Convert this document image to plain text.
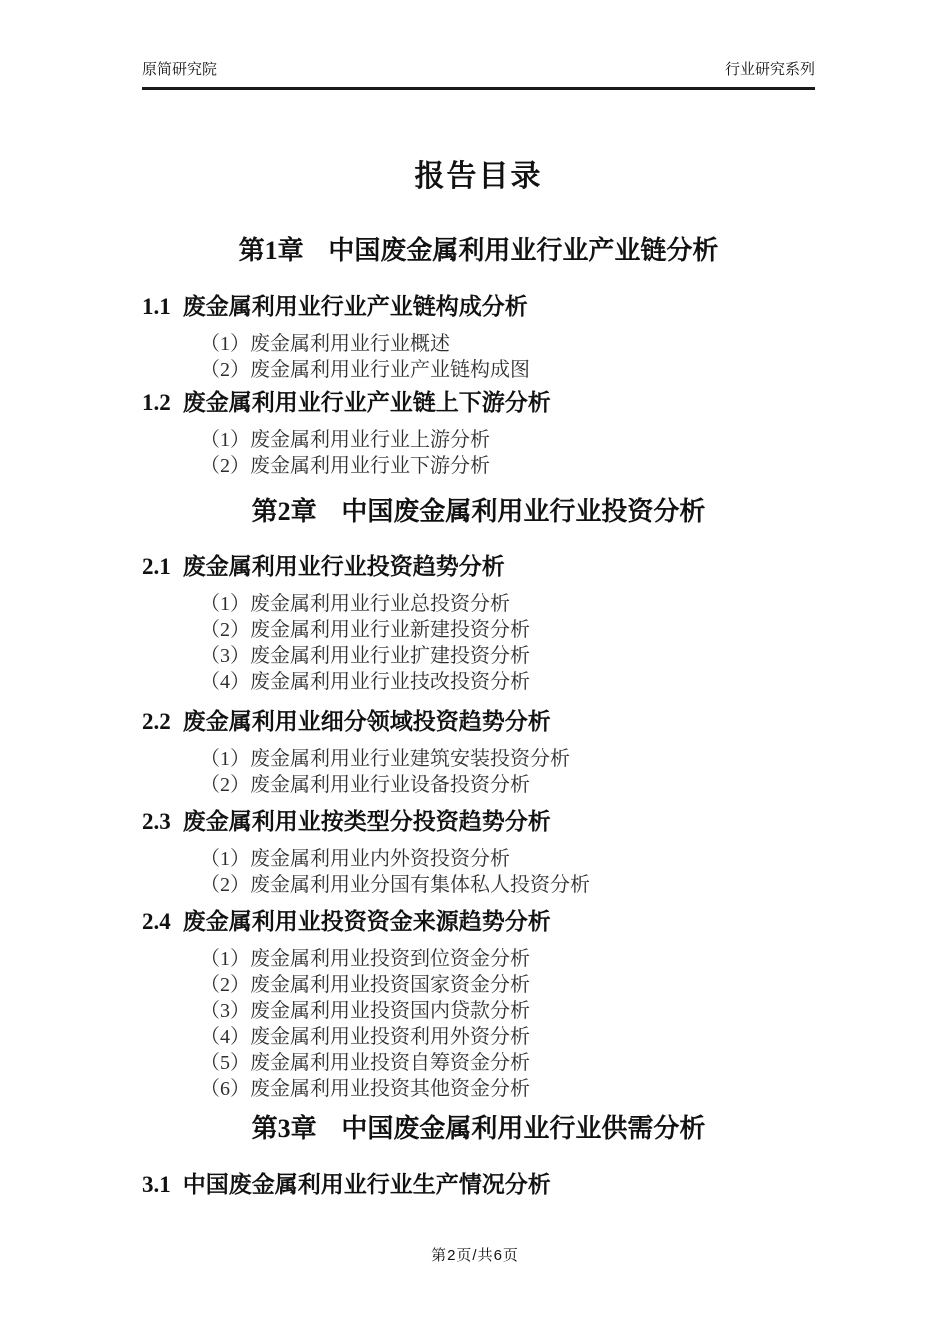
原简研究院	行业研究系列
报告目录
第1章 中国废金属利用业行业产业链分析
1.1 废金属利用业行业产业链构成分析
（1）废金属利用业行业概述
（2）废金属利用业行业产业链构成图
1.2 废金属利用业行业产业链上下游分析
（1）废金属利用业行业上游分析
（2）废金属利用业行业下游分析
第2章 中国废金属利用业行业投资分析
2.1 废金属利用业行业投资趋势分析
（1）废金属利用业行业总投资分析
（2）废金属利用业行业新建投资分析
（3）废金属利用业行业扩建投资分析
（4）废金属利用业行业技改投资分析
2.2 废金属利用业细分领域投资趋势分析
（1）废金属利用业行业建筑安装投资分析
（2）废金属利用业行业设备投资分析
2.3 废金属利用业按类型分投资趋势分析
（1）废金属利用业内外资投资分析
（2）废金属利用业分国有集体私人投资分析
2.4 废金属利用业投资资金来源趋势分析
（1）废金属利用业投资到位资金分析
（2）废金属利用业投资国家资金分析
（3）废金属利用业投资国内贷款分析
（4）废金属利用业投资利用外资分析
（5）废金属利用业投资自筹资金分析
（6）废金属利用业投资其他资金分析
第3章 中国废金属利用业行业供需分析
3.1 中国废金属利用业行业生产情况分析
第2页/共6页
